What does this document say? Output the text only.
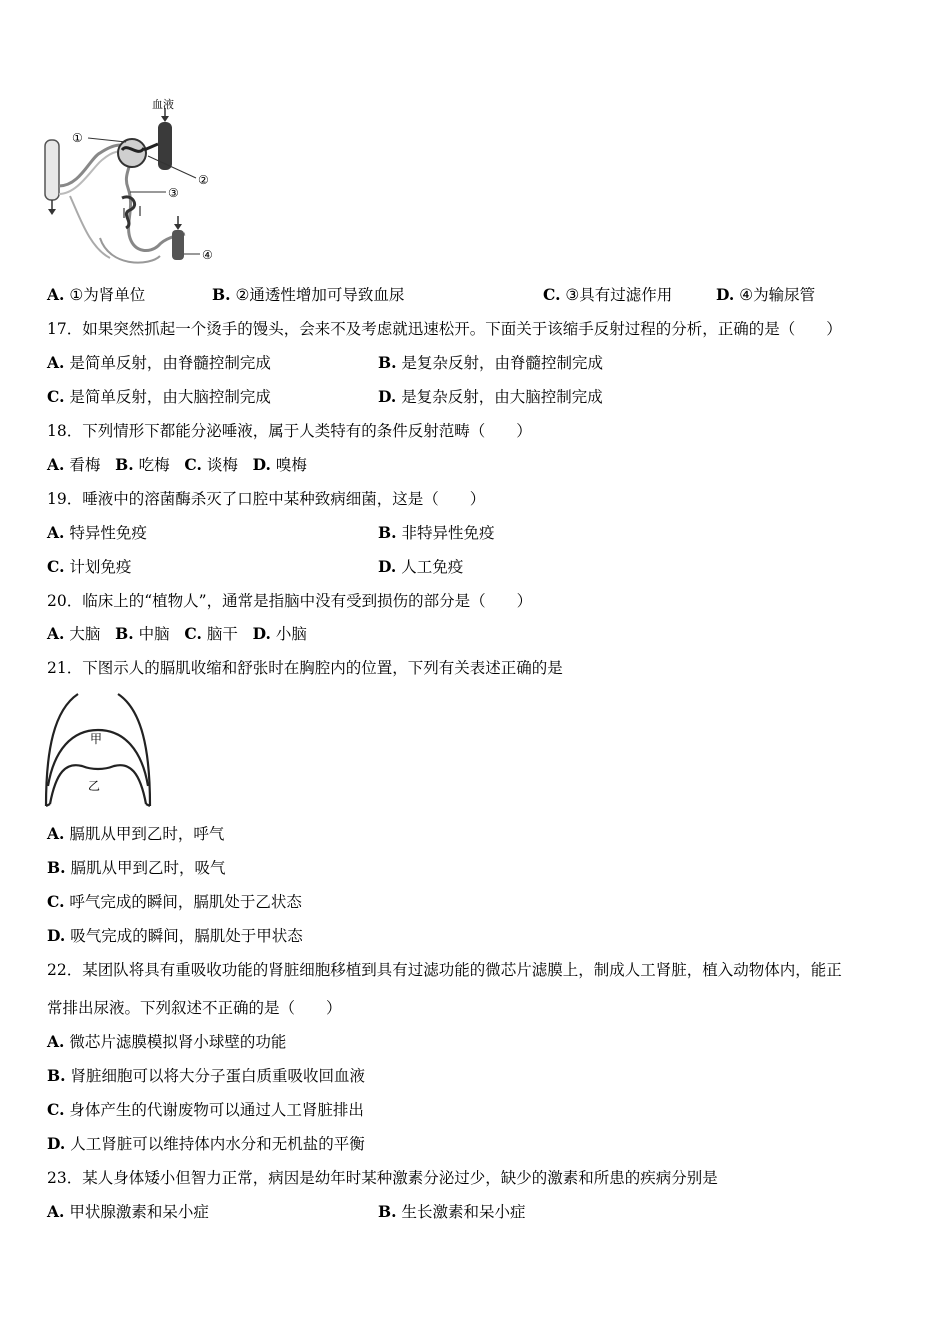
血液
①
②
③
④
A. ①为肾单位	B. ②通透性增加可导致血尿	C. ③具有过滤作用	D. ④为输尿管
17．如果突然抓起一个烫手的馒头，会来不及考虑就迅速松开。下面关于该缩手反射过程的分析，正确的是（　　）
A. 是简单反射，由脊髓控制完成	B. 是复杂反射，由脊髓控制完成
C. 是简单反射，由大脑控制完成	D. 是复杂反射，由大脑控制完成
18．下列情形下都能分泌唾液，属于人类特有的条件反射范畴（　　）
A. 看梅 B. 吃梅 C. 谈梅 D. 嗅梅
19．唾液中的溶菌酶杀灭了口腔中某种致病细菌，这是（　　）
A. 特异性免疫	B. 非特异性免疫
C. 计划免疫	D. 人工免疫
20．临床上的“植物人”，通常是指脑中没有受到损伤的部分是（　　）
A. 大脑 B. 中脑 C. 脑干 D. 小脑
21．下图示人的膈肌收缩和舒张时在胸腔内的位置，下列有关表述正确的是
甲
乙
A. 膈肌从甲到乙时，呼气
B. 膈肌从甲到乙时，吸气
C. 呼气完成的瞬间，膈肌处于乙状态
D. 吸气完成的瞬间，膈肌处于甲状态
22．某团队将具有重吸收功能的肾脏细胞移植到具有过滤功能的微芯片滤膜上，制成人工肾脏，植入动物体内，能正
常排出尿液。下列叙述不正确的是（　　）
A. 微芯片滤膜模拟肾小球壁的功能
B. 肾脏细胞可以将大分子蛋白质重吸收回血液
C. 身体产生的代谢废物可以通过人工肾脏排出
D. 人工肾脏可以维持体内水分和无机盐的平衡
23．某人身体矮小但智力正常，病因是幼年时某种激素分泌过少，缺少的激素和所患的疾病分别是
A. 甲状腺激素和呆小症	B. 生长激素和呆小症
